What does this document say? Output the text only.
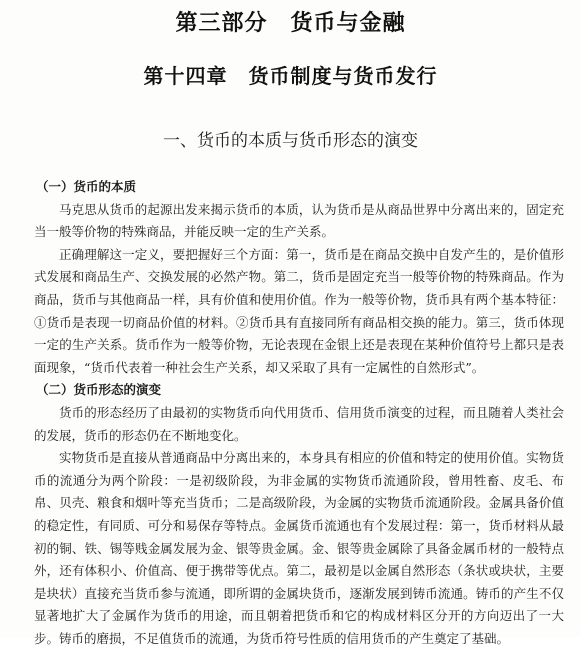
第三部分　货币与金融
第十四章　货币制度与货币发行
一、货币的本质与货币形态的演变

（一）货币的本质

马克思从货币的起源出发来揭示货币的本质，认为货币是从商品世界中分离出来的，固定充当一般等价物的特殊商品，并能反映一定的生产关系。

正确理解这一定义，要把握好三个方面：第一，货币是在商品交换中自发产生的，是价值形式发展和商品生产、交换发展的必然产物。第二，货币是固定充当一般等价物的特殊商品。作为商品，货币与其他商品一样，具有价值和使用价值。作为一般等价物，货币具有两个基本特征：①货币是表现一切商品价值的材料。②货币具有直接同所有商品相交换的能力。第三，货币体现一定的生产关系。货币作为一般等价物，无论表现在金银上还是表现在某种价值符号上都只是表面现象，“货币代表着一种社会生产关系，却又采取了具有一定属性的自然形式”。

（二）货币形态的演变

货币的形态经历了由最初的实物货币向代用货币、信用货币演变的过程，而且随着人类社会的发展，货币的形态仍在不断地变化。

实物货币是直接从普通商品中分离出来的，本身具有相应的价值和特定的使用价值。实物货币的流通分为两个阶段：一是初级阶段，为非金属的实物货币流通阶段，曾用牲畜、皮毛、布帛、贝壳、粮食和烟叶等充当货币；二是高级阶段，为金属的实物货币流通阶段。金属具备价值的稳定性，有同质、可分和易保存等特点。金属货币流通也有个发展过程：第一，货币材料从最初的铜、铁、锡等贱金属发展为金、银等贵金属。金、银等贵金属除了具备金属币材的一般特点外，还有体积小、价值高、便于携带等优点。第二，最初是以金属自然形态（条状或块状，主要是块状）直接充当货币参与流通，即所谓的金属块货币，逐渐发展到铸币流通。铸币的产生不仅显著地扩大了金属作为货币的用途，而且朝着把货币和它的构成材料区分开的方向迈出了一大步。铸币的磨损，不足值货币的流通，为货币符号性质的信用货币的产生奠定了基础。
